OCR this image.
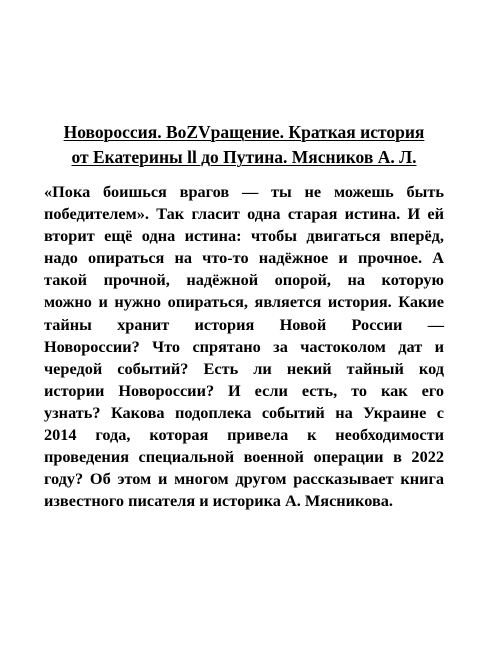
Новороссия. BoZVращение. Краткая история
от Екатерины ll до Путина. Мясников А. Л.

«Пока боишься врагов — ты не можешь быть
победителем». Так гласит одна старая истина. И ей
вторит ещё одна истина: чтобы двигаться вперёд,
надо опираться на что-то надёжное и прочное. А
такой прочной, надёжной опорой, на которую
можно и нужно опираться, является история. Какие
тайны хранит история Новой России —
Новороссии? Что спрятано за частоколом дат и
чередой событий? Есть ли некий тайный код
истории Новороссии? И если есть, то как его
узнать? Какова подоплека событий на Украине с
2014 года, которая привела к необходимости
проведения специальной военной операции в 2022
году? Об этом и многом другом рассказывает книга
известного писателя и историка А. Мясникова.
